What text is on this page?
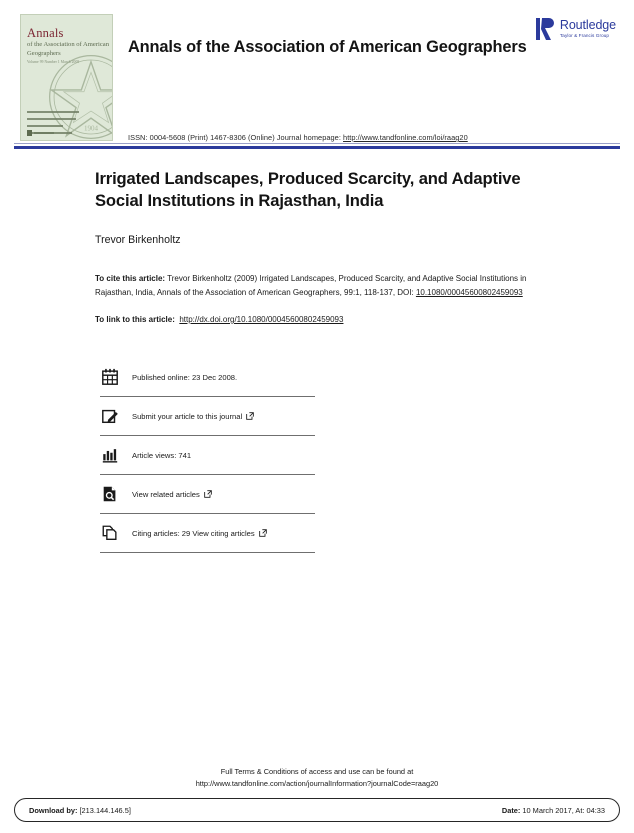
1904
Annals
of the Association of American Geographers
Volume 99 Number 1 March 2009
Annals of the Association of American Geographers
ISSN: 0004-5608 (Print) 1467-8306 (Online) Journal homepage: http://www.tandfonline.com/loi/raag20
Routledge
Taylor & Francis Group
Irrigated Landscapes, Produced Scarcity, and Adaptive Social Institutions in Rajasthan, India
Trevor Birkenholtz
To cite this article: Trevor Birkenholtz (2009) Irrigated Landscapes, Produced Scarcity, and Adaptive Social Institutions in Rajasthan, India, Annals of the Association of American Geographers, 99:1, 118-137, DOI: 10.1080/00045600802459093
To link to this article: http://dx.doi.org/10.1080/00045600802459093
Published online: 23 Dec 2008.
Submit your article to this journal
Article views: 741
View related articles
Citing articles: 29 View citing articles
Full Terms & Conditions of access and use can be found at
http://www.tandfonline.com/action/journalInformation?journalCode=raag20
Download by: [213.144.146.5]	Date: 10 March 2017, At: 04:33
